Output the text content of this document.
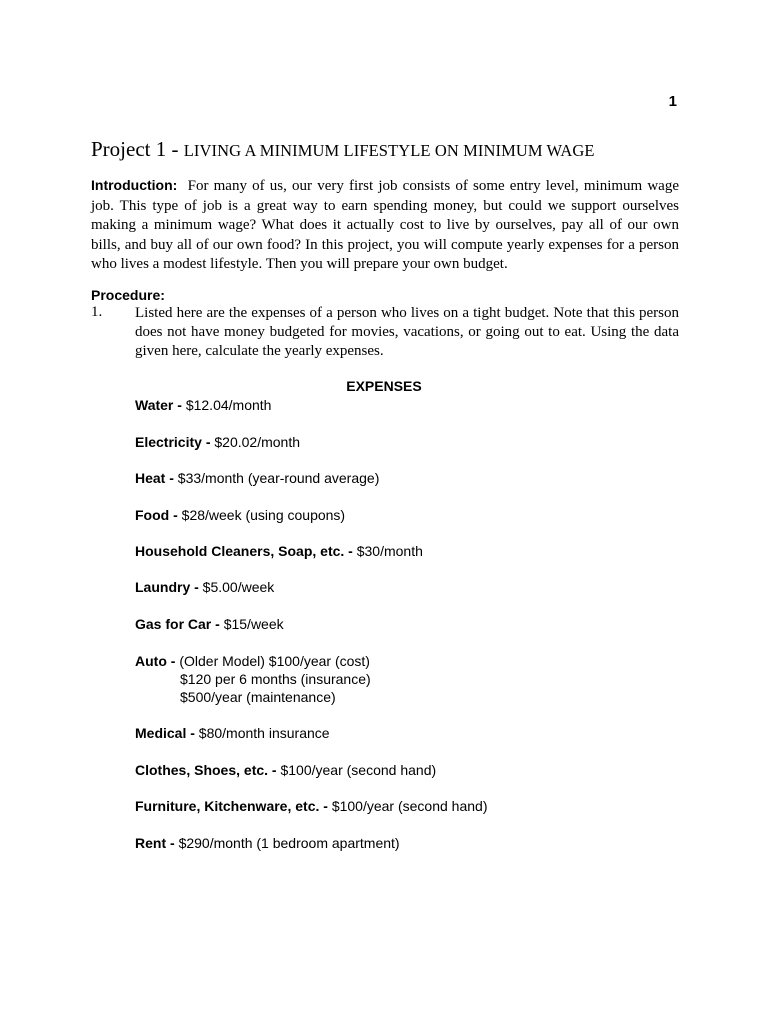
1
Project 1 - LIVING A MINIMUM LIFESTYLE ON MINIMUM WAGE

Introduction: For many of us, our very first job consists of some entry level, minimum wage job. This type of job is a great way to earn spending money, but could we support ourselves making a minimum wage? What does it actually cost to live by ourselves, pay all of our own bills, and buy all of our own food? In this project, you will compute yearly expenses for a person who lives a modest lifestyle. Then you will prepare your own budget.

Procedure:
1. Listed here are the expenses of a person who lives on a tight budget. Note that this person does not have money budgeted for movies, vacations, or going out to eat. Using the data given here, calculate the yearly expenses.

EXPENSES
Water - $12.04/month
Electricity - $20.02/month
Heat - $33/month (year-round average)
Food - $28/week (using coupons)
Household Cleaners, Soap, etc. - $30/month
Laundry - $5.00/week
Gas for Car - $15/week
Auto - (Older Model) $100/year (cost)
$120 per 6 months (insurance)
$500/year (maintenance)
Medical - $80/month insurance
Clothes, Shoes, etc. - $100/year (second hand)
Furniture, Kitchenware, etc. - $100/year (second hand)
Rent - $290/month (1 bedroom apartment)
